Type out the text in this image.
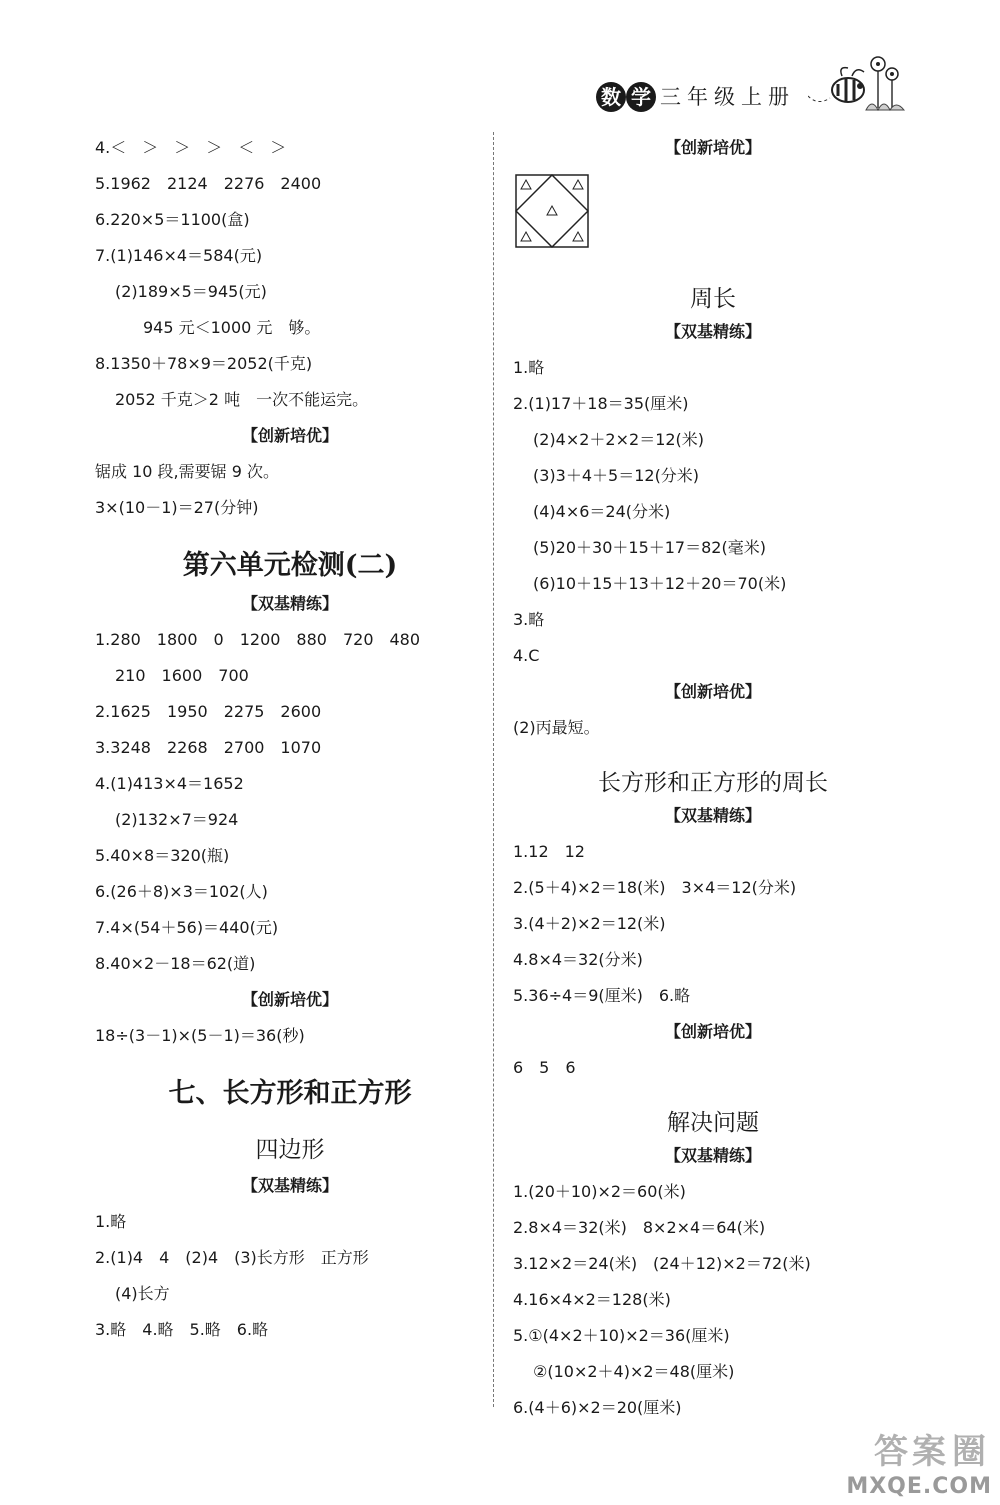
数 学 三年级上册
4.＜　＞　＞　＞　＜　＞
5.1962　2124　2276　2400
6.220×5＝1100(盒)
7.(1)146×4＝584(元)
(2)189×5＝945(元)
945 元＜1000 元　够。
8.1350＋78×9＝2052(千克)
2052 千克＞2 吨　一次不能运完。
【创新培优】
锯成 10 段,需要锯 9 次。
3×(10－1)＝27(分钟)
第六单元检测(二)
【双基精练】
1.280　1800　0　1200　880　720　480
210　1600　700
2.1625　1950　2275　2600
3.3248　2268　2700　1070
4.(1)413×4＝1652
(2)132×7＝924
5.40×8＝320(瓶)
6.(26＋8)×3＝102(人)
7.4×(54＋56)＝440(元)
8.40×2－18＝62(道)
【创新培优】
18÷(3－1)×(5－1)＝36(秒)
七、长方形和正方形
四边形
【双基精练】
1.略
2.(1)4　4　(2)4　(3)长方形　正方形
(4)长方
3.略　4.略　5.略　6.略
【创新培优】
周长
【双基精练】
1.略
2.(1)17＋18＝35(厘米)
(2)4×2＋2×2＝12(米)
(3)3＋4＋5＝12(分米)
(4)4×6＝24(分米)
(5)20＋30＋15＋17＝82(毫米)
(6)10＋15＋13＋12＋20＝70(米)
3.略
4.C
【创新培优】
(2)丙最短。
长方形和正方形的周长
【双基精练】
1.12　12
2.(5＋4)×2＝18(米)　3×4＝12(分米)
3.(4＋2)×2＝12(米)
4.8×4＝32(分米)
5.36÷4＝9(厘米)　6.略
【创新培优】
6　5　6
解决问题
【双基精练】
1.(20＋10)×2＝60(米)
2.8×4＝32(米)　8×2×4＝64(米)
3.12×2＝24(米)　(24＋12)×2＝72(米)
4.16×4×2＝128(米)
5.①(4×2＋10)×2＝36(厘米)
②(10×2＋4)×2＝48(厘米)
6.(4＋6)×2＝20(厘米)
答 案 圈
MXQE.COM
